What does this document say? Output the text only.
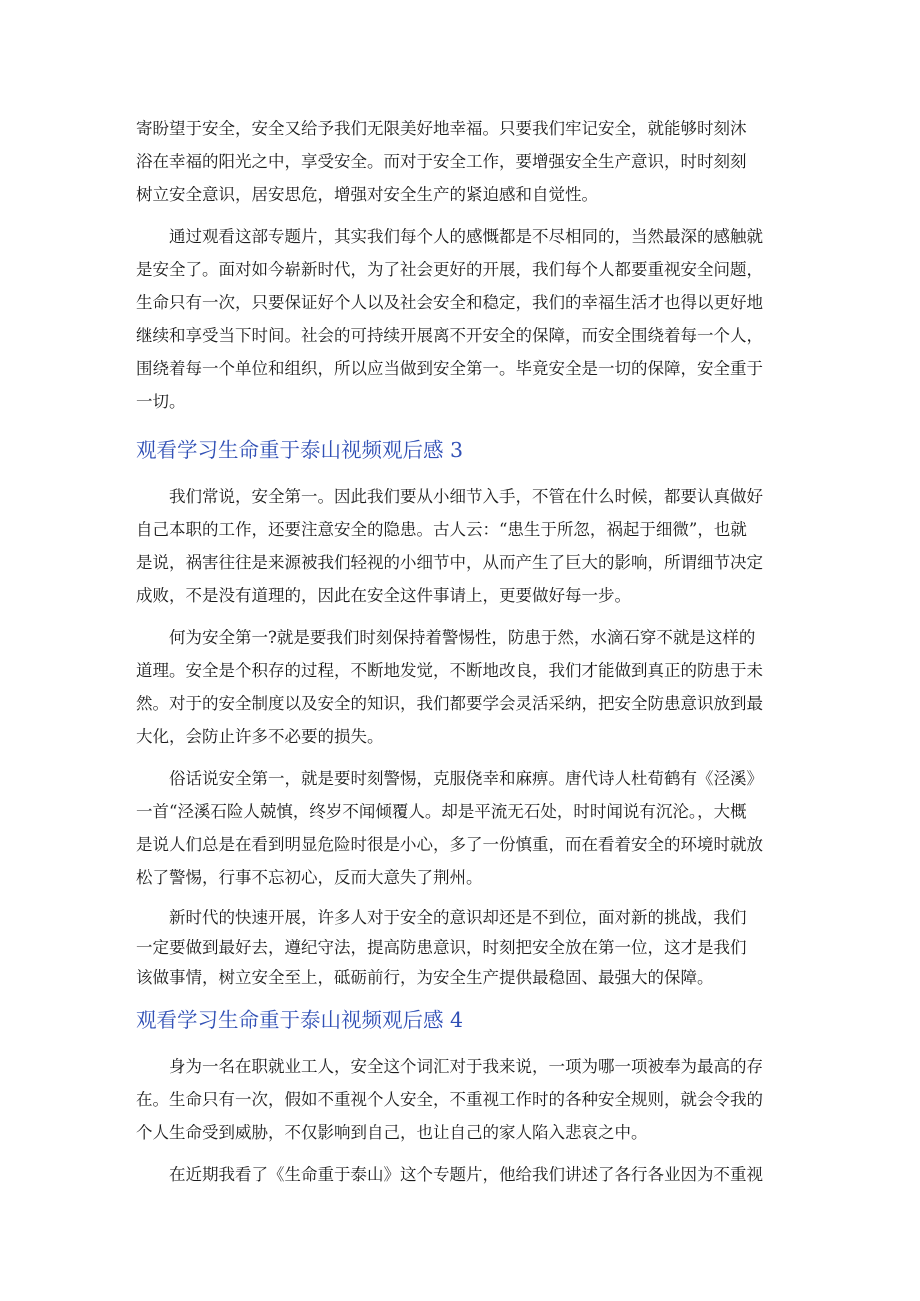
寄盼望于安全，安全又给予我们无限美好地幸福。只要我们牢记安全，就能够时刻沐

浴在幸福的阳光之中，享受安全。而对于安全工作，要增强安全生产意识，时时刻刻

树立安全意识，居安思危，增强对安全生产的紧迫感和自觉性。

　　通过观看这部专题片，其实我们每个人的感慨都是不尽相同的，当然最深的感触就

是安全了。面对如今崭新时代，为了社会更好的开展，我们每个人都要重视安全问题，

生命只有一次，只要保证好个人以及社会安全和稳定，我们的幸福生活才也得以更好地

继续和享受当下时间。社会的可持续开展离不开安全的保障，而安全围绕着每一个人，

围绕着每一个单位和组织，所以应当做到安全第一。毕竟安全是一切的保障，安全重于

一切。

观看学习生命重于泰山视频观后感 3

　　我们常说，安全第一。因此我们要从小细节入手，不管在什么时候，都要认真做好

自己本职的工作，还要注意安全的隐患。古人云：“患生于所忽，祸起于细微”，也就

是说，祸害往往是来源被我们轻视的小细节中，从而产生了巨大的影响，所谓细节决定

成败，不是没有道理的，因此在安全这件事请上，更要做好每一步。

　　何为安全第一?就是要我们时刻保持着警惕性，防患于然，水滴石穿不就是这样的

道理。安全是个积存的过程，不断地发觉，不断地改良，我们才能做到真正的防患于未

然。对于的安全制度以及安全的知识，我们都要学会灵活采纳，把安全防患意识放到最

大化，会防止许多不必要的损失。

　　俗话说安全第一，就是要时刻警惕，克服侥幸和麻痹。唐代诗人杜荀鹤有《泾溪》

一首“泾溪石险人兢慎，终岁不闻倾覆人。却是平流无石处，时时闻说有沉沦。，大概

是说人们总是在看到明显危险时很是小心，多了一份慎重，而在看着安全的环境时就放

松了警惕，行事不忘初心，反而大意失了荆州。

　　新时代的快速开展，许多人对于安全的意识却还是不到位，面对新的挑战，我们

一定要做到最好去，遵纪守法，提高防患意识，时刻把安全放在第一位，这才是我们

该做事情，树立安全至上，砥砺前行，为安全生产提供最稳固、最强大的保障。

观看学习生命重于泰山视频观后感 4

　　身为一名在职就业工人，安全这个词汇对于我来说，一项为哪一项被奉为最高的存

在。生命只有一次，假如不重视个人安全，不重视工作时的各种安全规则，就会令我的

个人生命受到威胁，不仅影响到自己，也让自己的家人陷入悲哀之中。

　　在近期我看了《生命重于泰山》这个专题片，他给我们讲述了各行各业因为不重视
